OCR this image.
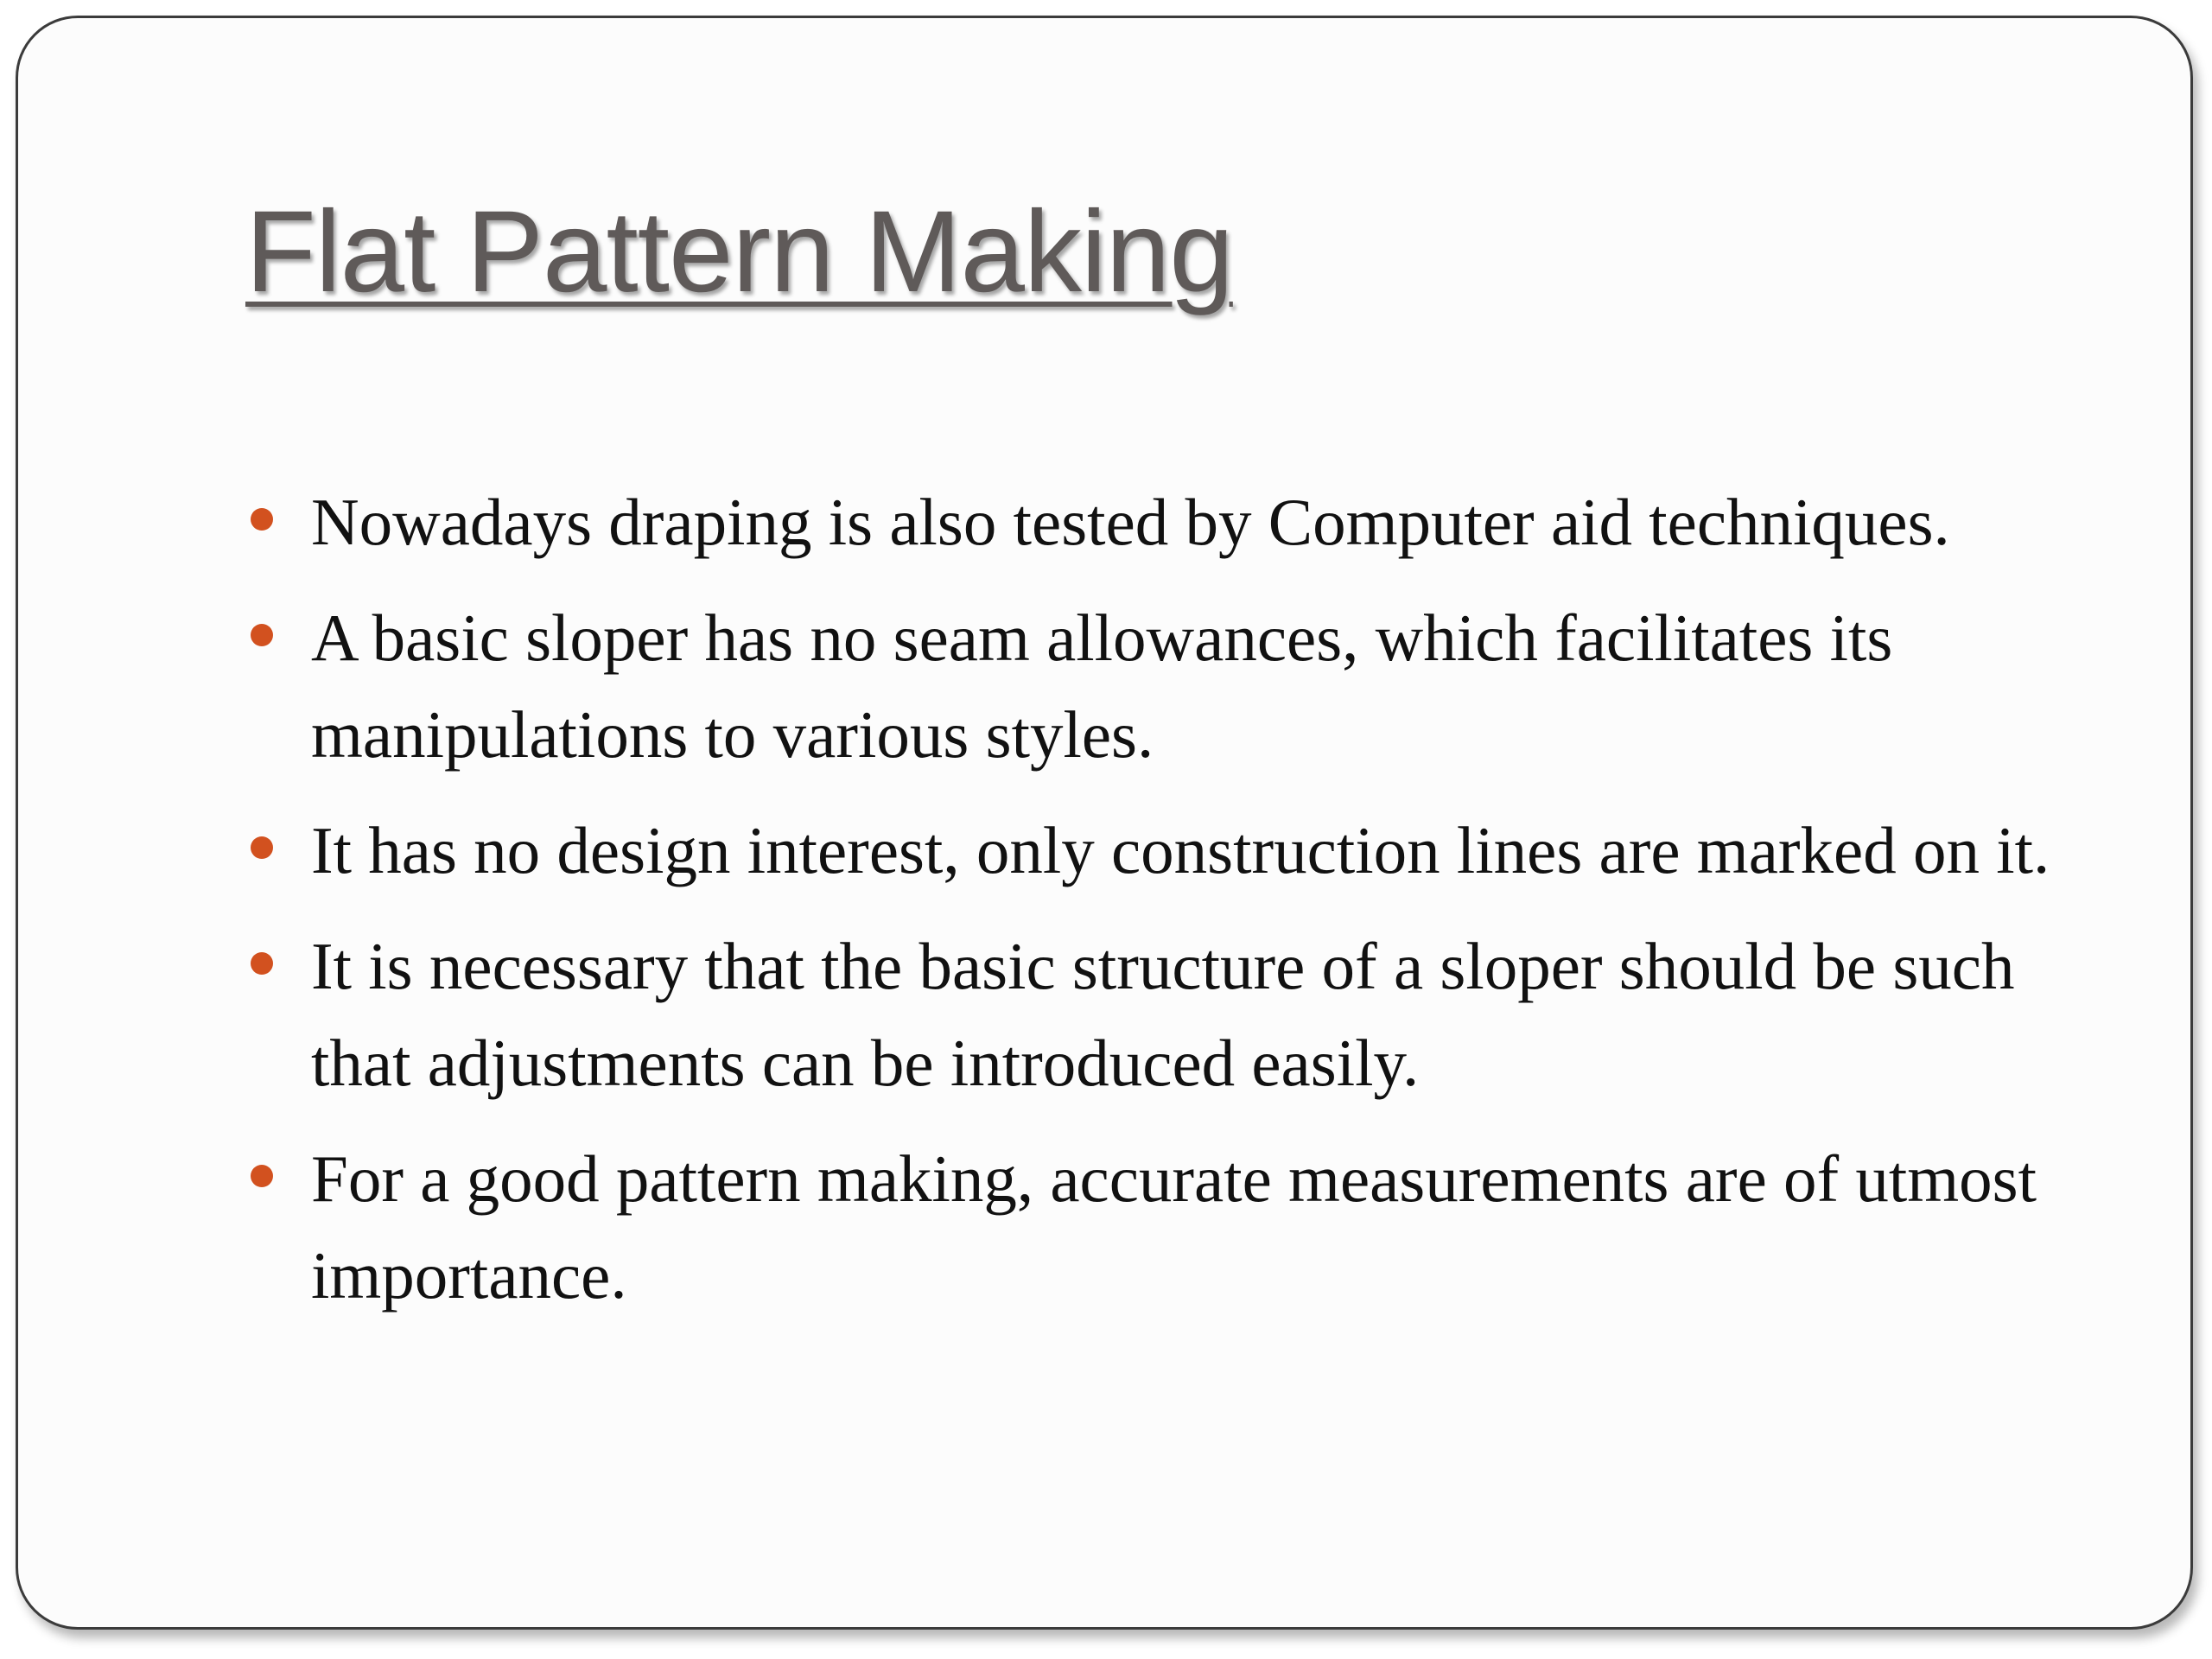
Flat Pattern Making
Nowadays draping is also tested by Computer aid techniques.
A basic sloper has no seam allowances, which facilitates its manipulations to various styles.
It has no design interest, only construction lines are marked on it.
It is necessary that the basic structure of a sloper should be such that adjustments can be introduced easily.
For a good pattern making, accurate measurements are of utmost importance.
